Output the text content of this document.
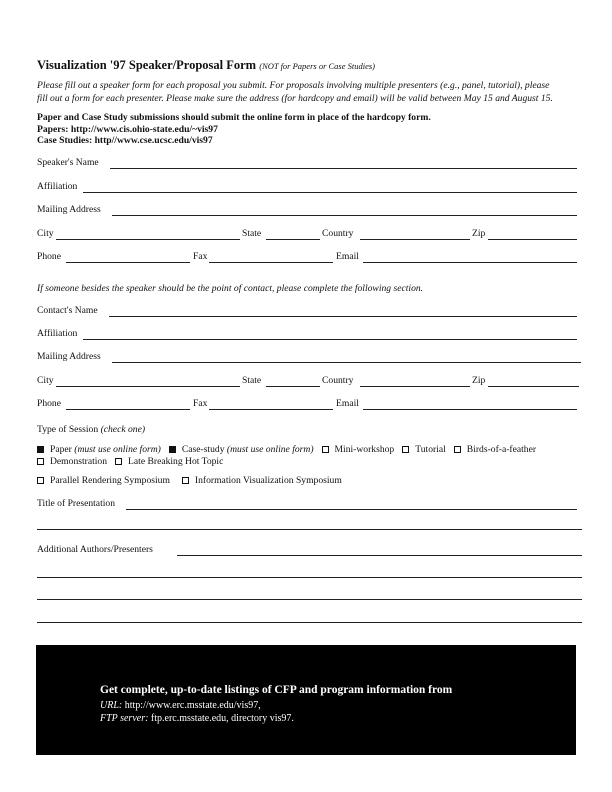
Visualization '97 Speaker/Proposal Form (NOT for Papers or Case Studies)
Please fill out a speaker form for each proposal you submit. For proposals involving multiple presenters (e.g., panel, tutorial), please
fill out a form for each presenter. Please make sure the address (for hardcopy and email) will be valid between May 15 and August 15.
Paper and Case Study submissions should submit the online form in place of the hardcopy form.
Papers: http://www.cis.ohio-state.edu/~vis97
Case Studies: http//www.cse.ucsc.edu/vis97
Speaker's Name
Affiliation
Mailing Address
City	State	Country	Zip
Phone	Fax	Email
If someone besides the speaker should be the point of contact, please complete the following section.
Contact's Name
Affiliation
Mailing Address
City	State	Country	Zip
Phone	Fax	Email
Type of Session (check one)
Paper
(must use online form) Case-study
(must use online form) Mini-workshop Tutorial Birds-of-a-feather
Demonstration Late Breaking Hot Topic
Parallel Rendering Symposium	Information Visualization Symposium
Title of Presentation
Additional Authors/Presenters
Get complete, up-to-date listings of CFP and program information from
URL: http://www.erc.msstate.edu/vis97,
FTP server: ftp.erc.msstate.edu, directory vis97.
